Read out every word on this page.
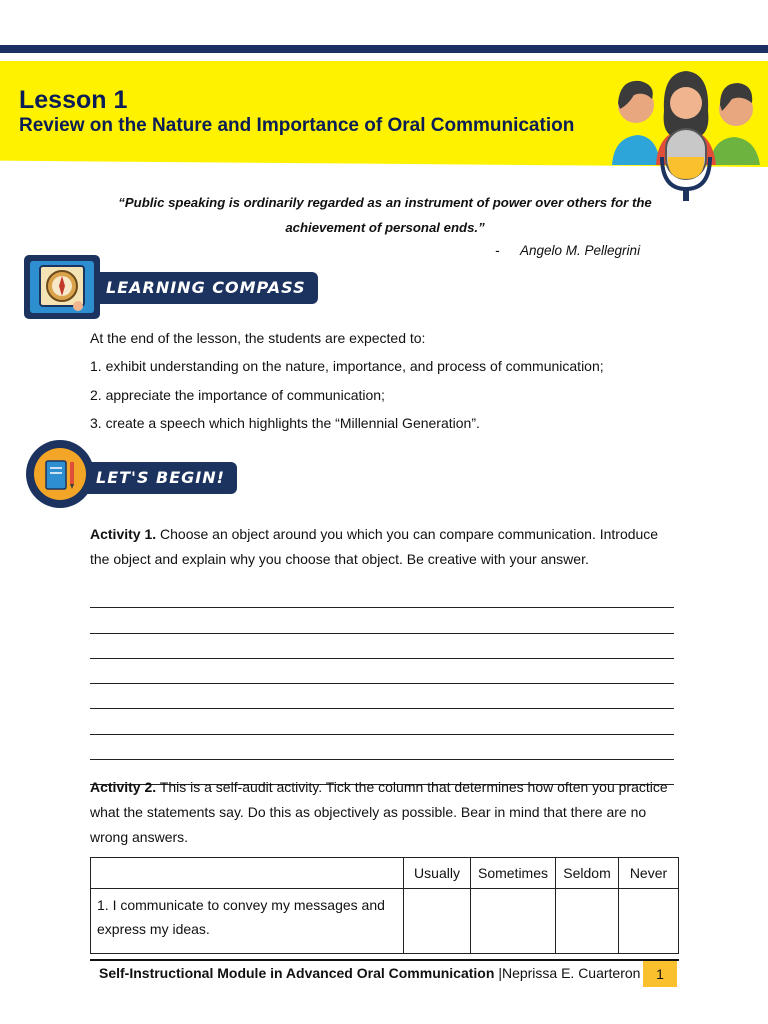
Lesson 1
Review on the Nature and Importance of Oral Communication
“Public speaking is ordinarily regarded as an instrument of power over others for the achievement of personal ends.”
- Angelo M. Pellegrini
LEARNING COMPASS
At the end of the lesson, the students are expected to:
1. exhibit understanding on the nature, importance, and process of communication;
2. appreciate the importance of communication;
3. create a speech which highlights the “Millennial Generation”.
LET'S BEGIN!
Activity 1. Choose an object around you which you can compare communication. Introduce the object and explain why you choose that object. Be creative with your answer.
Activity 2. This is a self-audit activity. Tick the column that determines how often you practice what the statements say. Do this as objectively as possible. Bear in mind that there are no wrong answers.
	Usually	Sometimes	Seldom	Never
1. I communicate to convey my messages and express my ideas.				
Self-Instructional Module in Advanced Oral Communication |Neprissa E. Cuarteron	1
